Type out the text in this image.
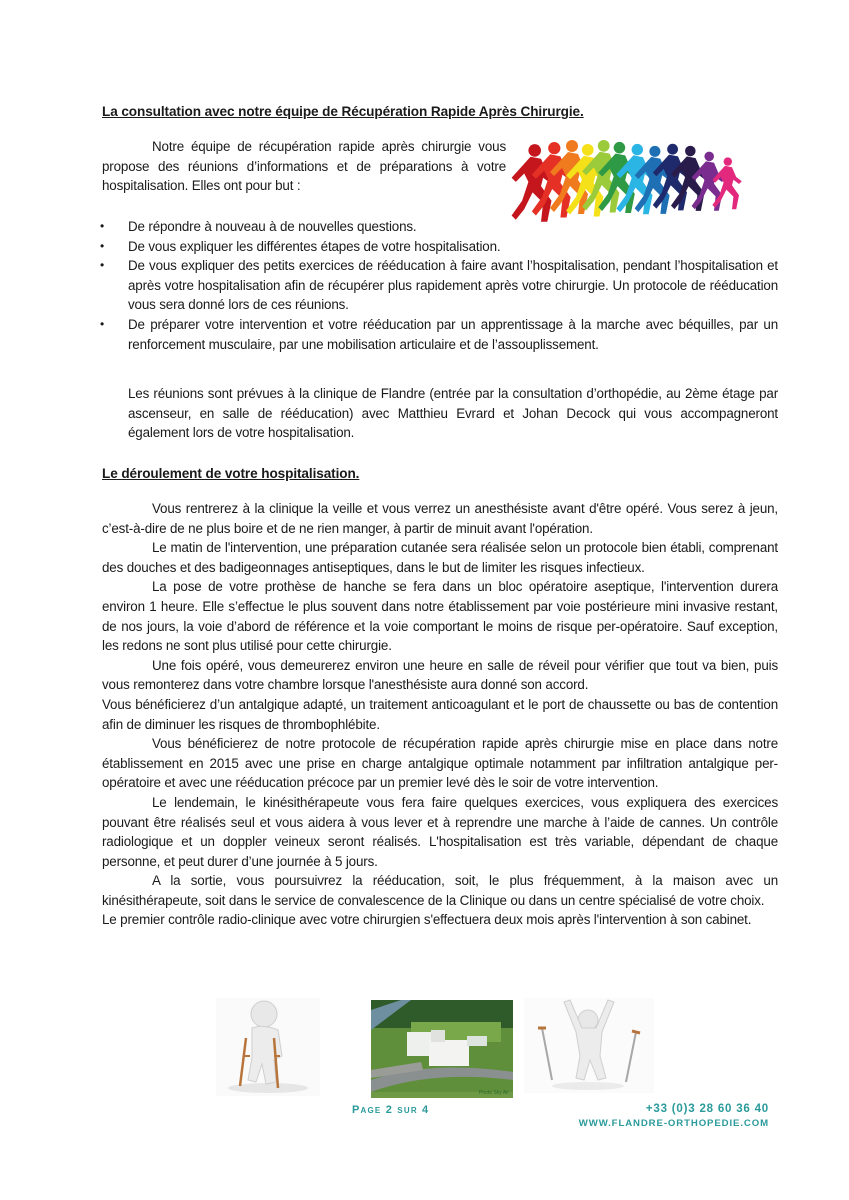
La consultation avec notre équipe de Récupération Rapide Après Chirurgie.
Notre équipe de récupération rapide après chirurgie vous propose des réunions d’informations et de préparations à votre hospitalisation. Elles ont pour but :
• De répondre à nouveau à de nouvelles questions.
• De vous expliquer les différentes étapes de votre hospitalisation.
• De vous expliquer des petits exercices de rééducation à faire avant l’hospitalisation, pendant l’hospitalisation et après votre hospitalisation afin de récupérer plus rapidement après votre chirurgie. Un protocole de rééducation vous sera donné lors de ces réunions.
• De préparer votre intervention et votre rééducation par un apprentissage à la marche avec béquilles, par un renforcement musculaire, par une mobilisation articulaire et de l’assouplissement.
Les réunions sont prévues à la clinique de Flandre (entrée par la consultation d’orthopédie, au 2ème étage par ascenseur, en salle de rééducation) avec Matthieu Evrard et Johan Decock qui vous accompagneront également lors de votre hospitalisation.
Le déroulement de votre hospitalisation.

Vous rentrerez à la clinique la veille et vous verrez un anesthésiste avant d'être opéré. Vous serez à jeun, c’est-à-dire de ne plus boire et de ne rien manger, à partir de minuit avant l'opération.

Le matin de l'intervention, une préparation cutanée sera réalisée selon un protocole bien établi, comprenant des douches et des badigeonnages antiseptiques, dans le but de limiter les risques infectieux.

La pose de votre prothèse de hanche se fera dans un bloc opératoire aseptique, l'intervention durera environ 1 heure. Elle s’effectue le plus souvent dans notre établissement par voie postérieure mini invasive restant, de nos jours, la voie d’abord de référence et la voie comportant le moins de risque per-opératoire. Sauf exception, les redons ne sont plus utilisé pour cette chirurgie.

Une fois opéré, vous demeurerez environ une heure en salle de réveil pour vérifier que tout va bien, puis vous remonterez dans votre chambre lorsque l'anesthésiste aura donné son accord.

Vous bénéficierez d’un antalgique adapté, un traitement anticoagulant et le port de chaussette ou bas de contention afin de diminuer les risques de thrombophlébite.

Vous bénéficierez de notre protocole de récupération rapide après chirurgie mise en place dans notre établissement en 2015 avec une prise en charge antalgique optimale notamment par infiltration antalgique per-opératoire et avec une rééducation précoce par un premier levé dès le soir de votre intervention.

Le lendemain, le kinésithérapeute vous fera faire quelques exercices, vous expliquera des exercices pouvant être réalisés seul et vous aidera à vous lever et à reprendre une marche à l’aide de cannes. Un contrôle radiologique et un doppler veineux seront réalisés. L'hospitalisation est très variable, dépendant de chaque personne, et peut durer d’une journée à 5 jours.

A la sortie, vous poursuivrez la rééducation, soit, le plus fréquemment, à la maison avec un kinésithérapeute, soit dans le service de convalescence de la Clinique ou dans un centre spécialisé de votre choix.

Le premier contrôle radio-clinique avec votre chirurgien s'effectuera deux mois après l'intervention à son cabinet.

Photo Sky Air
Page 2 sur 4	+33 (0)3 28 60 36 40
WWW.FLANDRE-ORTHOPEDIE.COM
